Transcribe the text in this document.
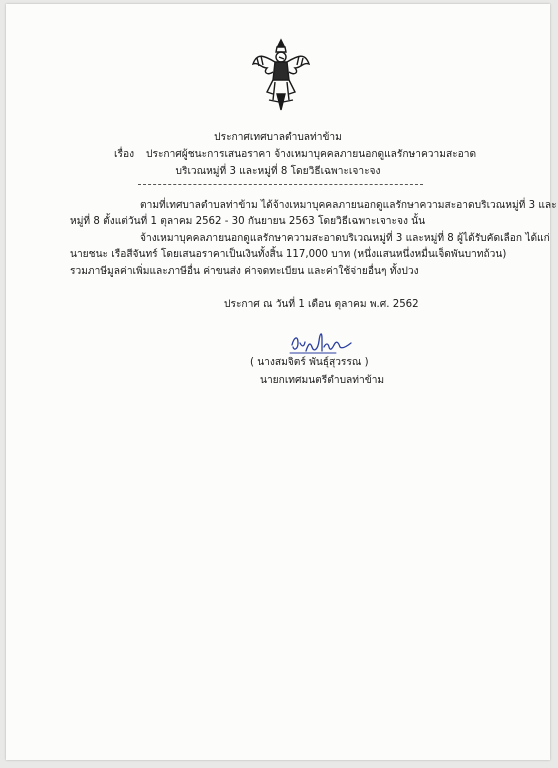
ประกาศเทศบาลตำบลท่าข้าม
เรื่อง ประกาศผู้ชนะการเสนอราคา จ้างเหมาบุคคลภายนอกดูแลรักษาความสะอาด
บริเวณหมู่ที่ 3 และหมู่ที่ 8 โดยวิธีเฉพาะเจาะจง
ตามที่เทศบาลตำบลท่าข้าม ได้จ้างเหมาบุคคลภายนอกดูแลรักษาความสะอาดบริเวณหมู่ที่ 3 และ
หมู่ที่ 8 ตั้งแต่วันที่ 1 ตุลาคม 2562 - 30 กันยายน 2563 โดยวิธีเฉพาะเจาะจง นั้น
จ้างเหมาบุคคลภายนอกดูแลรักษาความสะอาดบริเวณหมู่ที่ 3 และหมู่ที่ 8 ผู้ได้รับคัดเลือก ได้แก่
นายชนะ เรือสีจันทร์ โดยเสนอราคาเป็นเงินทั้งสิ้น 117,000 บาท (หนึ่งแสนหนึ่งหมื่นเจ็ดพันบาทถ้วน)
รวมภาษีมูลค่าเพิ่มและภาษีอื่น ค่าขนส่ง ค่าจดทะเบียน และค่าใช้จ่ายอื่นๆ ทั้งปวง
ประกาศ ณ วันที่ 1 เดือน ตุลาคม พ.ศ. 2562
( นางสมจิตร์ พันธุ์สุวรรณ )
นายกเทศมนตรีตำบลท่าข้าม
